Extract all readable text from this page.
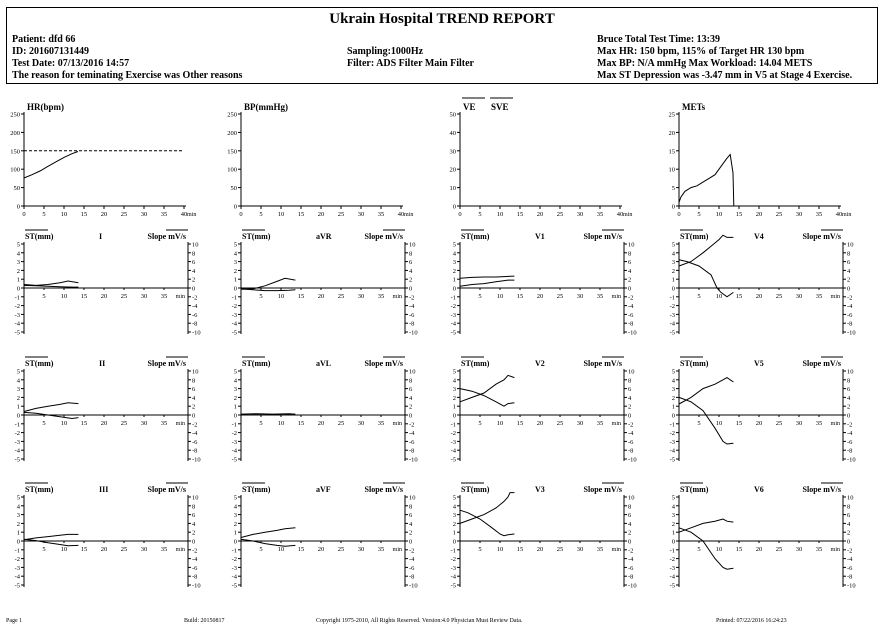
Ukrain Hospital TREND REPORT
Patient: dfd 66
ID: 201607131449
Test Date: 07/13/2016 14:57
The reason for teminating Exercise was Other reasons
Sampling:1000Hz
Filter: ADS Filter Main Filter
Bruce Total Test Time: 13:39
Max HR: 150 bpm, 115% of Target HR 130 bpm
Max BP: N/A mmHg Max Workload: 14.04 METS
Max ST Depression was -3.47 mm in V5 at Stage 4 Exercise.
HR(bpm)
0
50
100
150
200
250
0	5 10 15 20 25 30 35 40 min
BP(mmHg)
0
50
100
150
200
250
0	5 10 15 20 25 30 35 40 min
VE SVE
0
10
20
30
40
50
0	5 10 15 20 25 30 35 40 min
METs
0
5
10
15
20
25
0	5 10 15 20 25 30 35 40 min
ST(mm)	I	Slope mV/s
5
4
3
2
1
0
-1
-2
-3
-4
-5
10
8
6
4
2
0
-2
-4
-6
-8
-10
5 10 15 20 25 30 35 min
ST(mm)	aVR	Slope mV/s
5
4
3
2
1
0
-1
-2
-3
-4
-5
10
8
6
4
2
0
-2
-4
-6
-8
-10
5 10 15 20 25 30 35 min
ST(mm)	V1	Slope mV/s
5
4
3
2
1
0
-1
-2
-3
-4
-5
10
8
6
4
2
0
-2
-4
-6
-8
-10
5 10 15 20 25 30 35 min
ST(mm)	V4	Slope mV/s
5
4
3
2
1
0
-1
-2
-3
-4
-5
10
8
6
4
2
0
-2
-4
-6
-8
-10
5 10 15 20 25 30 35 min
ST(mm)	II	Slope mV/s
5
4
3
2
1
0
-1
-2
-3
-4
-5
10
8
6
4
2
0
-2
-4
-6
-8
-10
5 10 15 20 25 30 35 min
ST(mm)	aVL	Slope mV/s
5
4
3
2
1
0
-1
-2
-3
-4
-5
10
8
6
4
2
0
-2
-4
-6
-8
-10
5 10 15 20 25 30 35 min
ST(mm)	V2	Slope mV/s
5
4
3
2
1
0
-1
-2
-3
-4
-5
10
8
6
4
2
0
-2
-4
-6
-8
-10
5 10 15 20 25 30 35 min
ST(mm)	V5	Slope mV/s
5
4
3
2
1
0
-1
-2
-3
-4
-5
10
8
6
4
2
0
-2
-4
-6
-8
-10
5 10 15 20 25 30 35 min
ST(mm)	III	Slope mV/s
5
4
3
2
1
0
-1
-2
-3
-4
-5
10
8
6
4
2
0
-2
-4
-6
-8
-10
5 10 15 20 25 30 35 min
ST(mm)	aVF	Slope mV/s
5
4
3
2
1
0
-1
-2
-3
-4
-5
10
8
6
4
2
0
-2
-4
-6
-8
-10
5 10 15 20 25 30 35 min
ST(mm)	V3	Slope mV/s
5
4
3
2
1
0
-1
-2
-3
-4
-5
10
8
6
4
2
0
-2
-4
-6
-8
-10
5 10 15 20 25 30 35 min
ST(mm)	V6	Slope mV/s
5
4
3
2
1
0
-1
-2
-3
-4
-5
10
8
6
4
2
0
-2
-4
-6
-8
-10
5 10 15 20 25 30 35 min
Page 1	Build: 20150817	Copyright 1975-2010, All Rights Reserved. Version:4.0 Physician Must Review Data.	Printed: 07/22/2016 16:24:23
